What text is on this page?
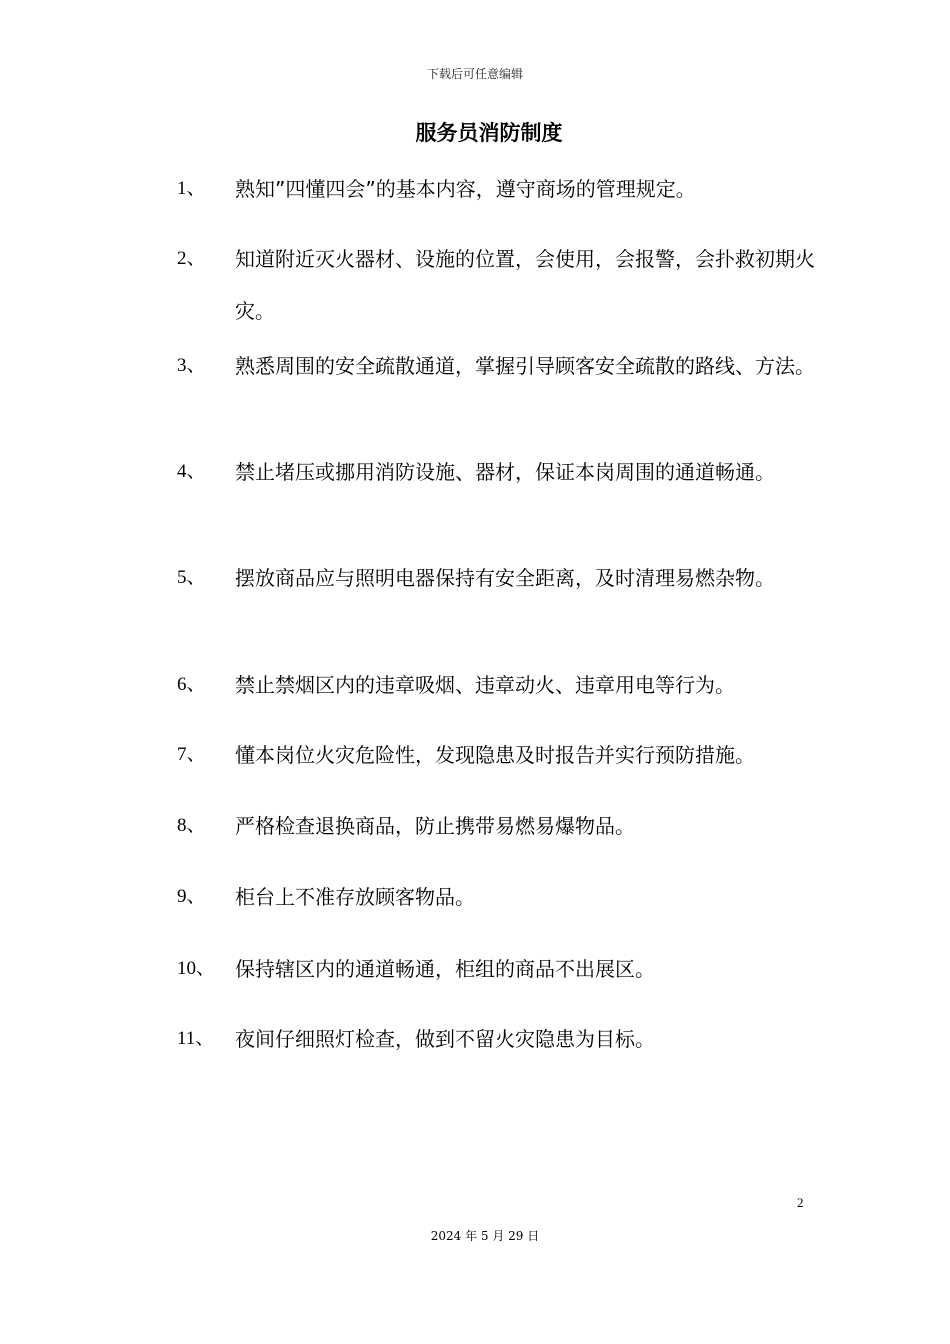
下载后可任意编辑
服务员消防制度
1、 熟知”四懂四会”的基本内容，遵守商场的管理规定。
2、 知道附近灭火器材、设施的位置，会使用，会报警，会扑救初期火灾。
3、 熟悉周围的安全疏散通道，掌握引导顾客安全疏散的路线、方法。
4、 禁止堵压或挪用消防设施、器材，保证本岗周围的通道畅通。
5、 摆放商品应与照明电器保持有安全距离，及时清理易燃杂物。
6、 禁止禁烟区内的违章吸烟、违章动火、违章用电等行为。
7、 懂本岗位火灾危险性，发现隐患及时报告并实行预防措施。
8、 严格检查退换商品，防止携带易燃易爆物品。
9、 柜台上不准存放顾客物品。
10、 保持辖区内的通道畅通，柜组的商品不出展区。
11、 夜间仔细照灯检查，做到不留火灾隐患为目标。
2
2024 年 5 月 29 日
